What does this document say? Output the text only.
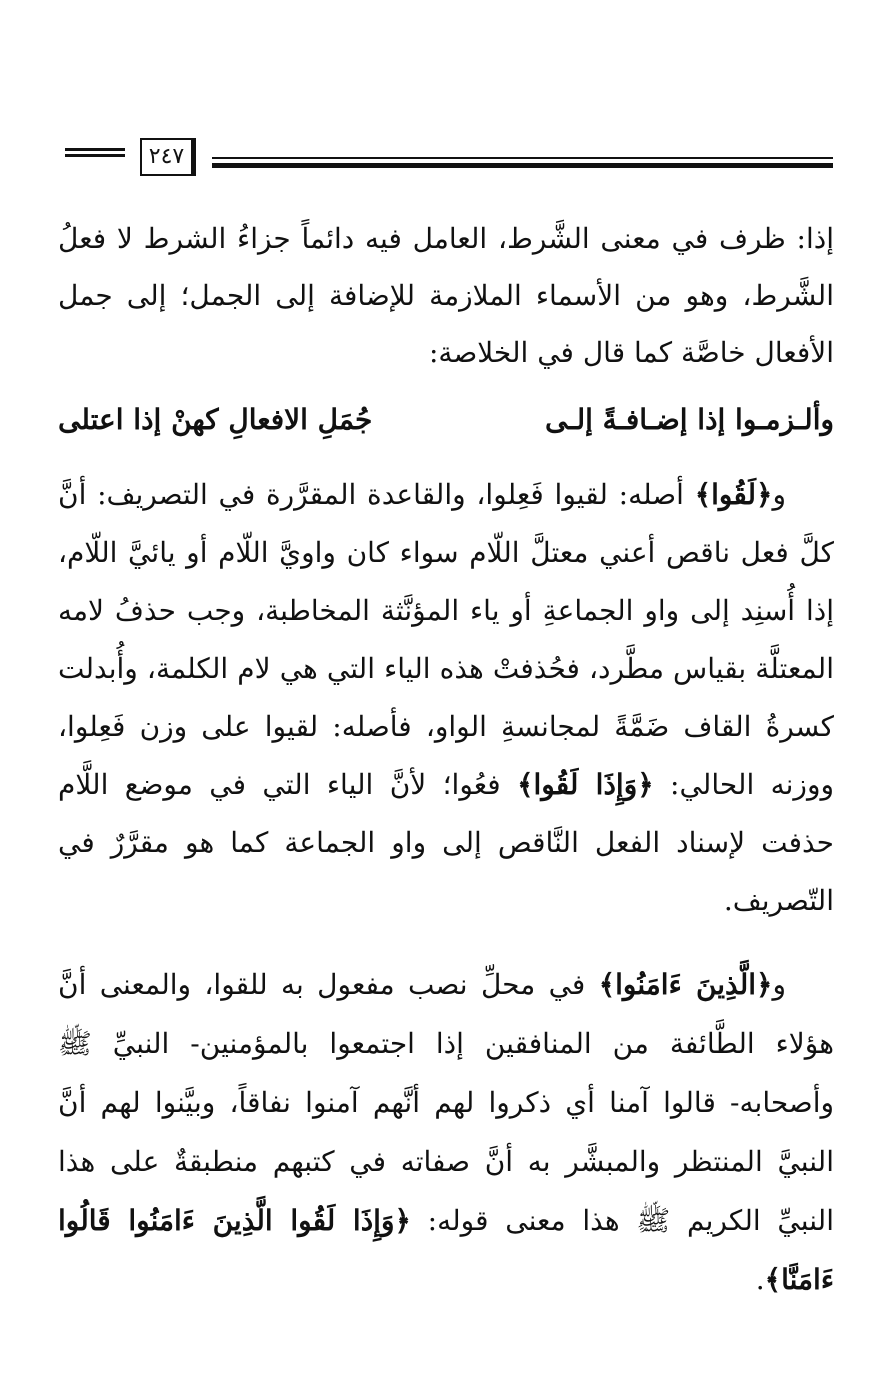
٢٤٧

إذا: ظرف في معنى الشَّرط، العامل فيه دائماً جزاءُ الشرط لا فعلُ الشَّرط، وهو من الأسماء الملازمة للإضافة إلى الجمل؛ إلى جمل الأفعال خاصَّة كما قال في الخلاصة:

وألـزمـوا إذا إضـافـةً إلـى
جُمَلِ الافعالِ كهنْ إذا اعتلى

و﴿لَقُوا﴾ أصله: لقيوا فَعِلوا، والقاعدة المقرَّرة في التصريف: أنَّ كلَّ فعل ناقص أعني معتلَّ اللّام سواء كان واويَّ اللّام أو يائيَّ اللّام، إذا أُسنِد إلى واو الجماعةِ أو ياء المؤنَّثة المخاطبة، وجب حذفُ لامه المعتلَّة بقياس مطَّرد، فحُذفتْ هذه الياء التي هي لام الكلمة، وأُبدلت كسرةُ القاف ضَمَّةً لمجانسةِ الواو، فأصله: لقيوا على وزن فَعِلوا، ووزنه الحالي: ﴿وَإِذَا لَقُوا﴾ فعُوا؛ لأنَّ الياء التي في موضع اللَّام حذفت لإسناد الفعل النَّاقص إلى واو الجماعة كما هو مقرَّرٌ في التّصريف.

و﴿الَّذِينَ ءَامَنُوا﴾ في محلِّ نصب مفعول به للقوا، والمعنى أنَّ هؤلاء الطَّائفة من المنافقين إذا اجتمعوا بالمؤمنين- النبيِّ ﷺ وأصحابه- قالوا آمنا أي ذكروا لهم أنَّهم آمنوا نفاقاً، وبيَّنوا لهم أنَّ النبيَّ المنتظر والمبشَّر به أنَّ صفاته في كتبهم منطبقةٌ على هذا النبيِّ الكريم ﷺ هذا معنى قوله: ﴿وَإِذَا لَقُوا الَّذِينَ ءَامَنُوا قَالُوا ءَامَنَّا﴾.
